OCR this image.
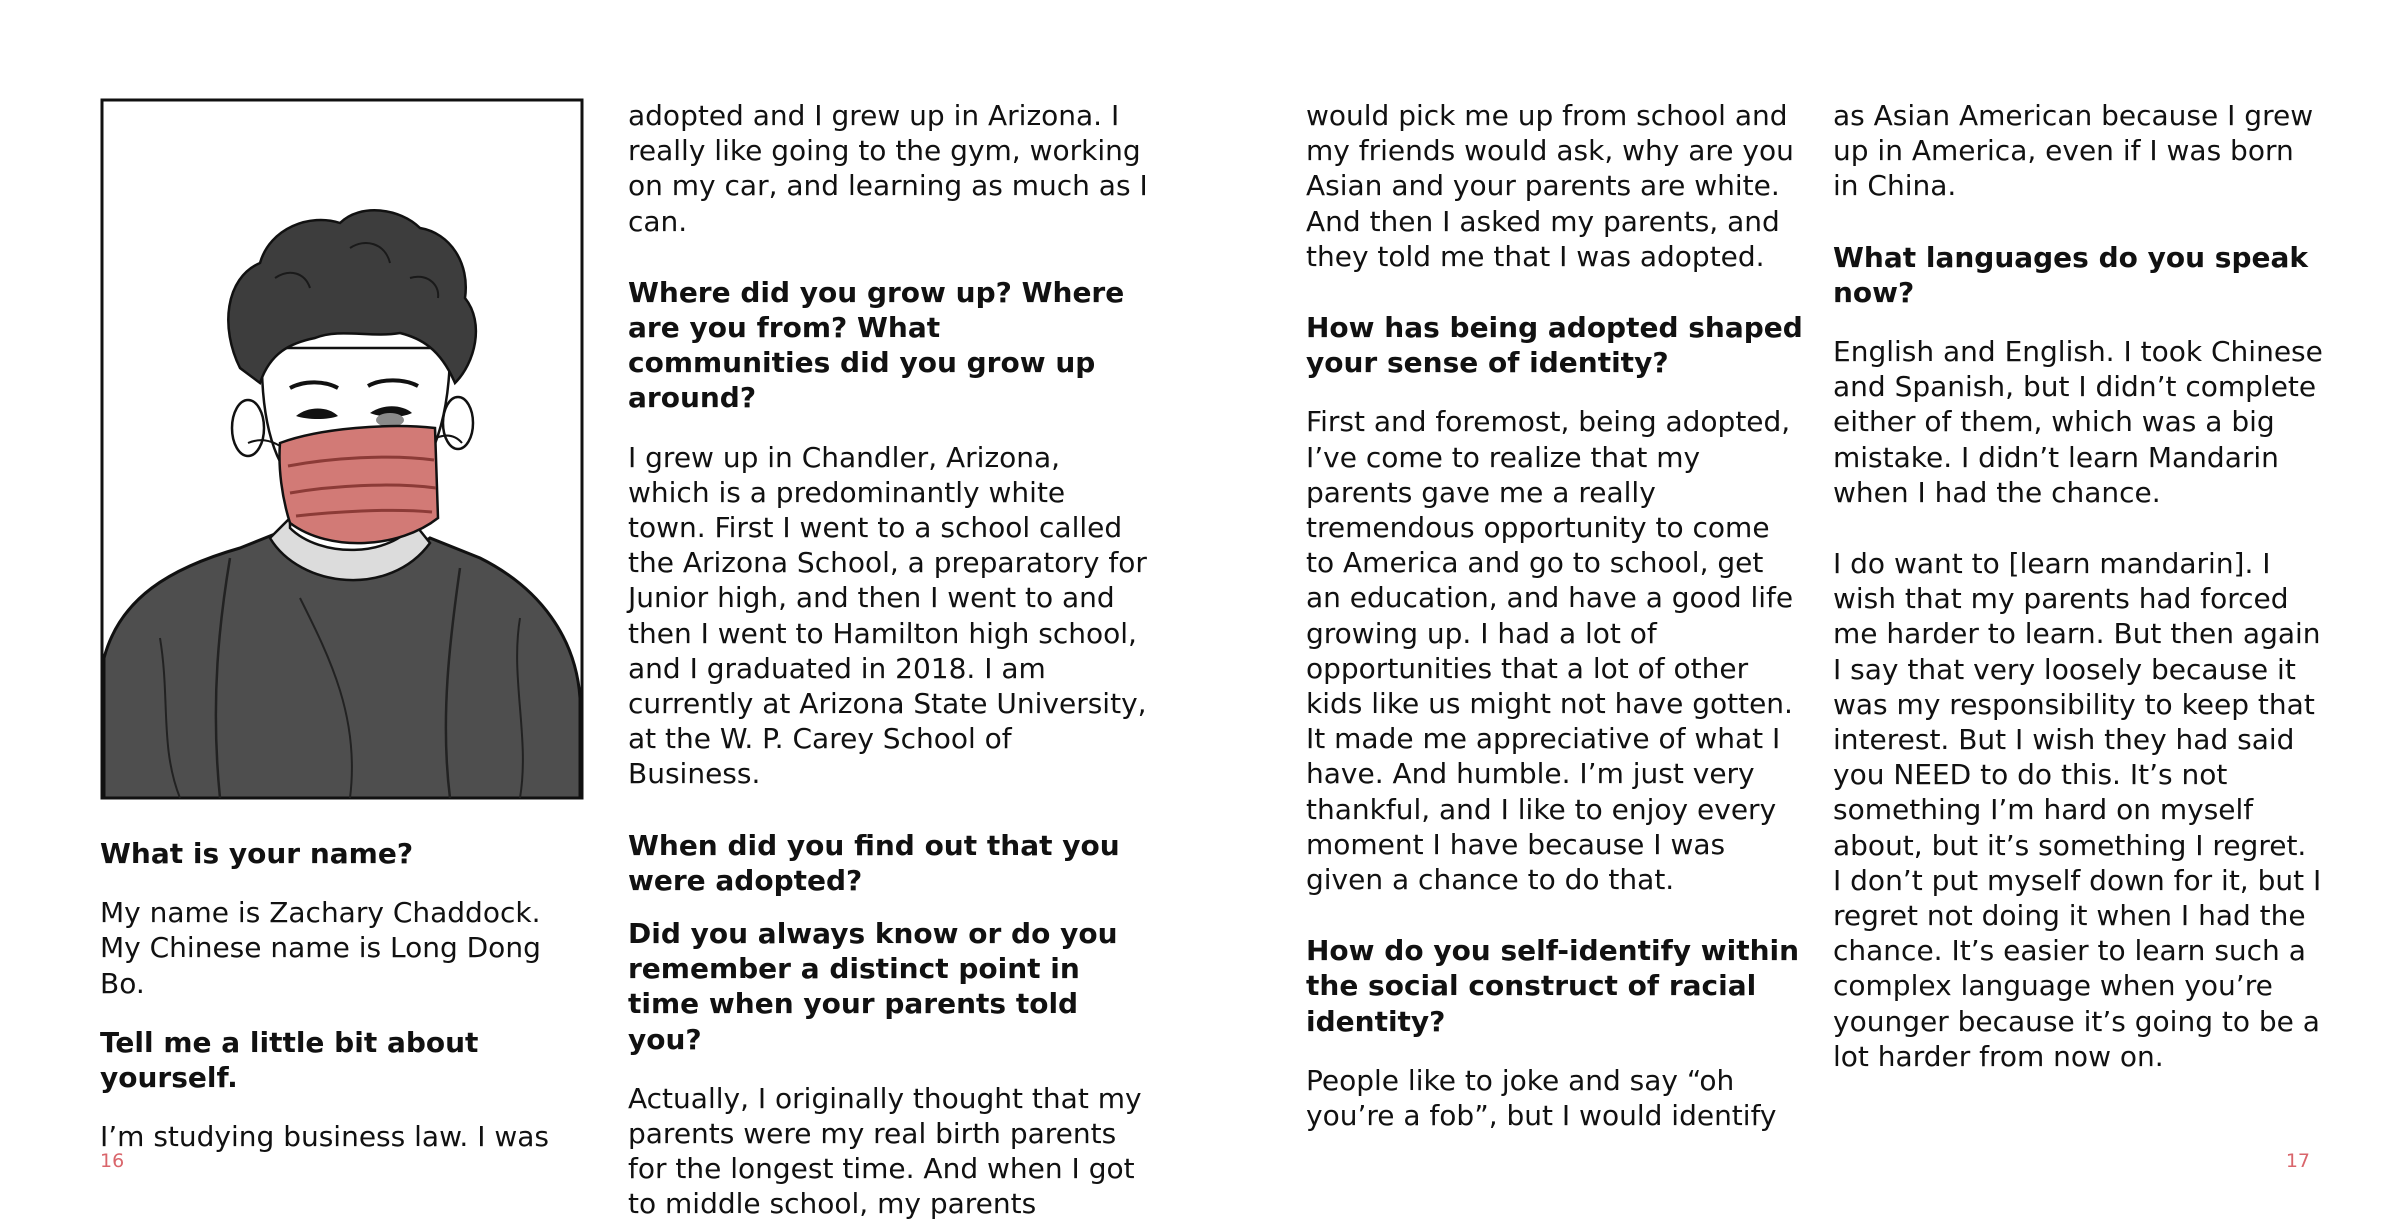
What is your name?

My name is Zachary Chaddock. My Chinese name is Long Dong Bo.

Tell me a little bit about yourself.

I’m studying business law. I was

adopted and I grew up in Arizona. I really like going to the gym, working on my car, and learning as much as I can.

Where did you grow up? Where are you from? What communities did you grow up around?

I grew up in Chandler, Arizona, which is a predominantly white town. First I went to a school called the Arizona School, a preparatory for Junior high, and then I went to and then I went to Hamilton high school, and I graduated in 2018. I am currently at Arizona State University, at the W. P. Carey School of Business.

When did you find out that you were adopted?
Did you always know or do you remember a distinct point in time when your parents told you?

Actually, I originally thought that my parents were my real birth parents for the longest time. And when I got to middle school, my parents

would pick me up from school and my friends would ask, why are you Asian and your parents are white. And then I asked my parents, and they told me that I was adopted.

How has being adopted shaped your sense of identity?

First and foremost, being adopted, I’ve come to realize that my parents gave me a really tremendous opportunity to come to America and go to school, get an education, and have a good life growing up. I had a lot of opportunities that a lot of other kids like us might not have gotten. It made me appreciative of what I have. And humble. I’m just very thankful, and I like to enjoy every moment I have because I was given a chance to do that.

How do you self-identify within the social construct of racial identity?

People like to joke and say “oh you’re a fob”, but I would identify

as Asian American because I grew up in America, even if I was born in China.

What languages do you speak now?

English and English. I took Chinese and Spanish, but I didn’t complete either of them, which was a big mistake. I didn’t learn Mandarin when I had the chance.

I do want to [learn mandarin]. I wish that my parents had forced me harder to learn. But then again I say that very loosely because it was my responsibility to keep that interest. But I wish they had said you NEED to do this. It’s not something I’m hard on myself about, but it’s something I regret. I don’t put myself down for it, but I regret not doing it when I had the chance. It’s easier to learn such a complex language when you’re younger because it’s going to be a lot harder from now on.

16	17
